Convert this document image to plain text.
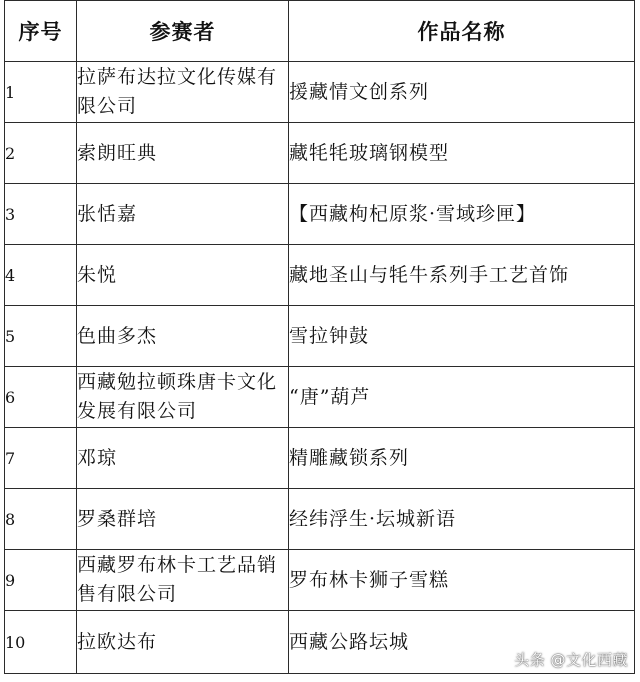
序号	参赛者	作品名称
1	拉萨布达拉文化传媒有限公司	援藏情文创系列
2	索朗旺典	藏牦牦玻璃钢模型
3	张恬嘉	【西藏枸杞原浆·雪域珍匣】
4	朱悦	藏地圣山与牦牛系列手工艺首饰
5	色曲多杰	雪拉钟鼓
6	西藏勉拉顿珠唐卡文化发展有限公司	“唐”葫芦
7	邓琼	精雕藏锁系列
8	罗桑群培	经纬浮生·坛城新语
9	西藏罗布林卡工艺品销售有限公司	罗布林卡狮子雪糕
10	拉欧达布	西藏公路坛城
头条 @文化西藏
